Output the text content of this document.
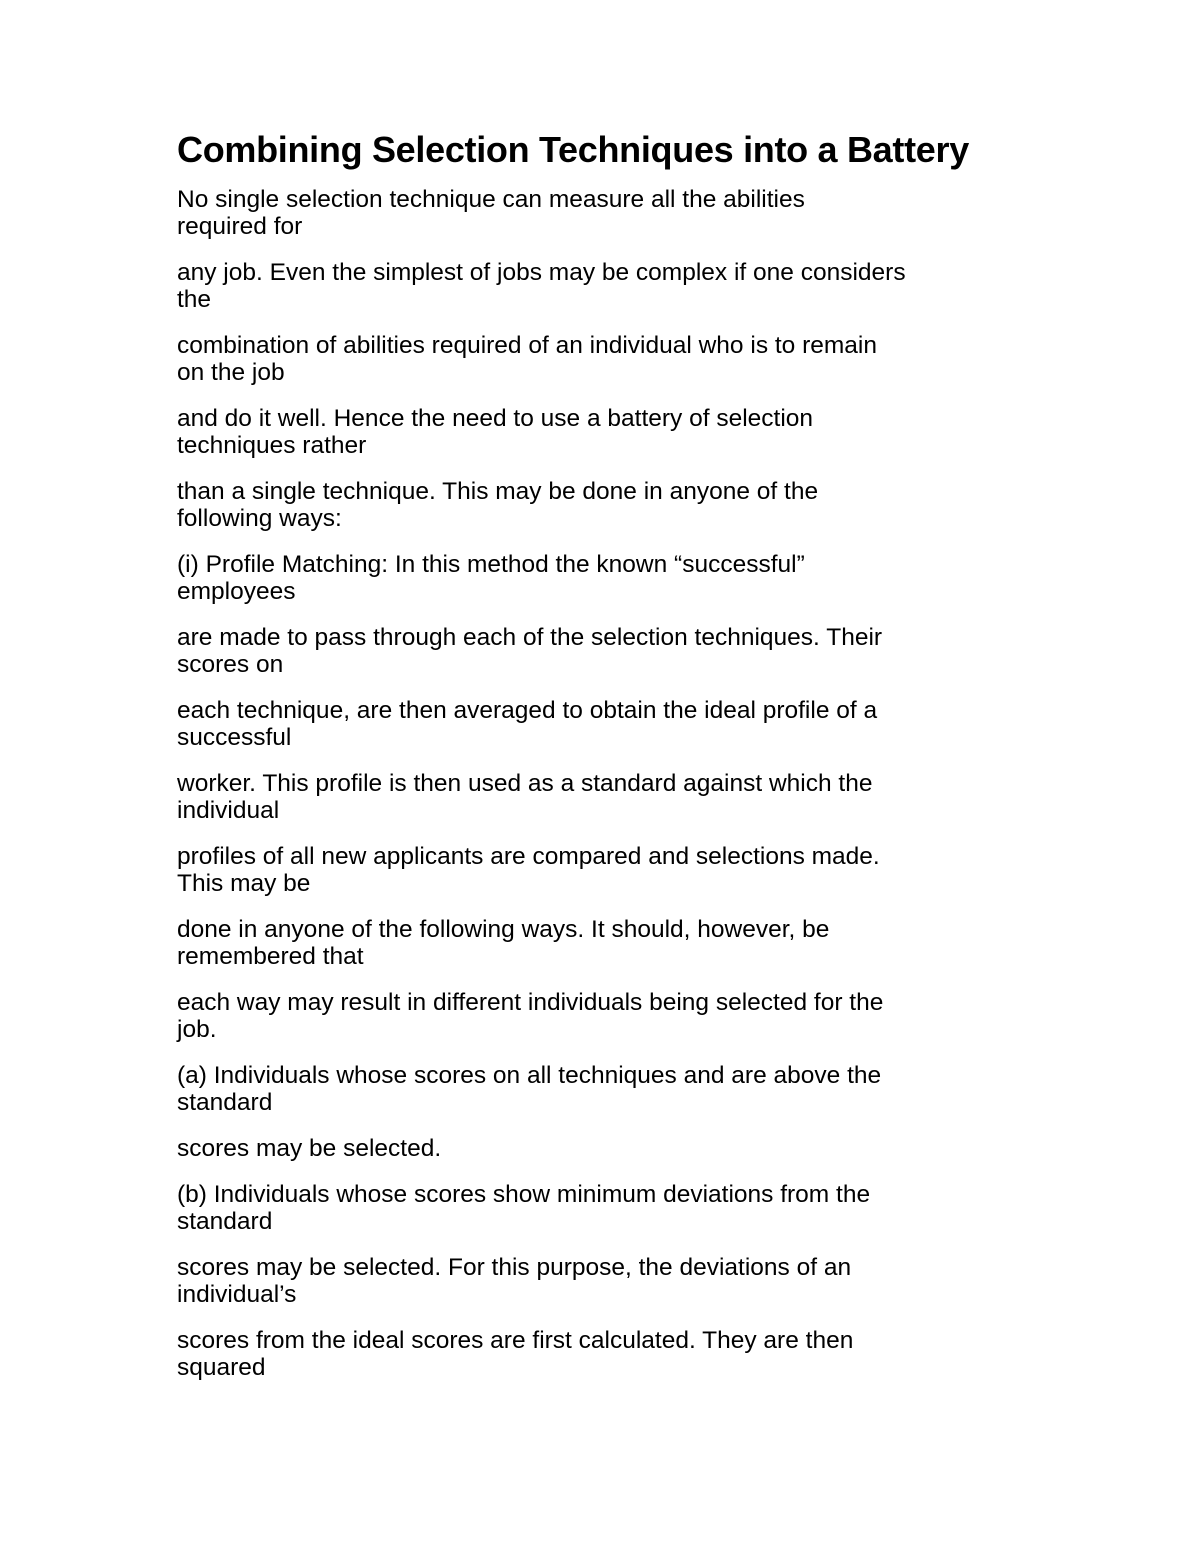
Combining Selection Techniques into a Battery

No single selection technique can measure all the abilities
required for

any job. Even the simplest of jobs may be complex if one considers
the

combination of abilities required of an individual who is to remain
on the job

and do it well. Hence the need to use a battery of selection
techniques rather

than a single technique. This may be done in anyone of the
following ways:

(i) Profile Matching: In this method the known “successful”
employees

are made to pass through each of the selection techniques. Their
scores on

each technique, are then averaged to obtain the ideal profile of a
successful

worker. This profile is then used as a standard against which the
individual

profiles of all new applicants are compared and selections made.
This may be

done in anyone of the following ways. It should, however, be
remembered that

each way may result in different individuals being selected for the
job.

(a) Individuals whose scores on all techniques and are above the
standard

scores may be selected.

(b) Individuals whose scores show minimum deviations from the
standard

scores may be selected. For this purpose, the deviations of an
individual’s

scores from the ideal scores are first calculated. They are then
squared
